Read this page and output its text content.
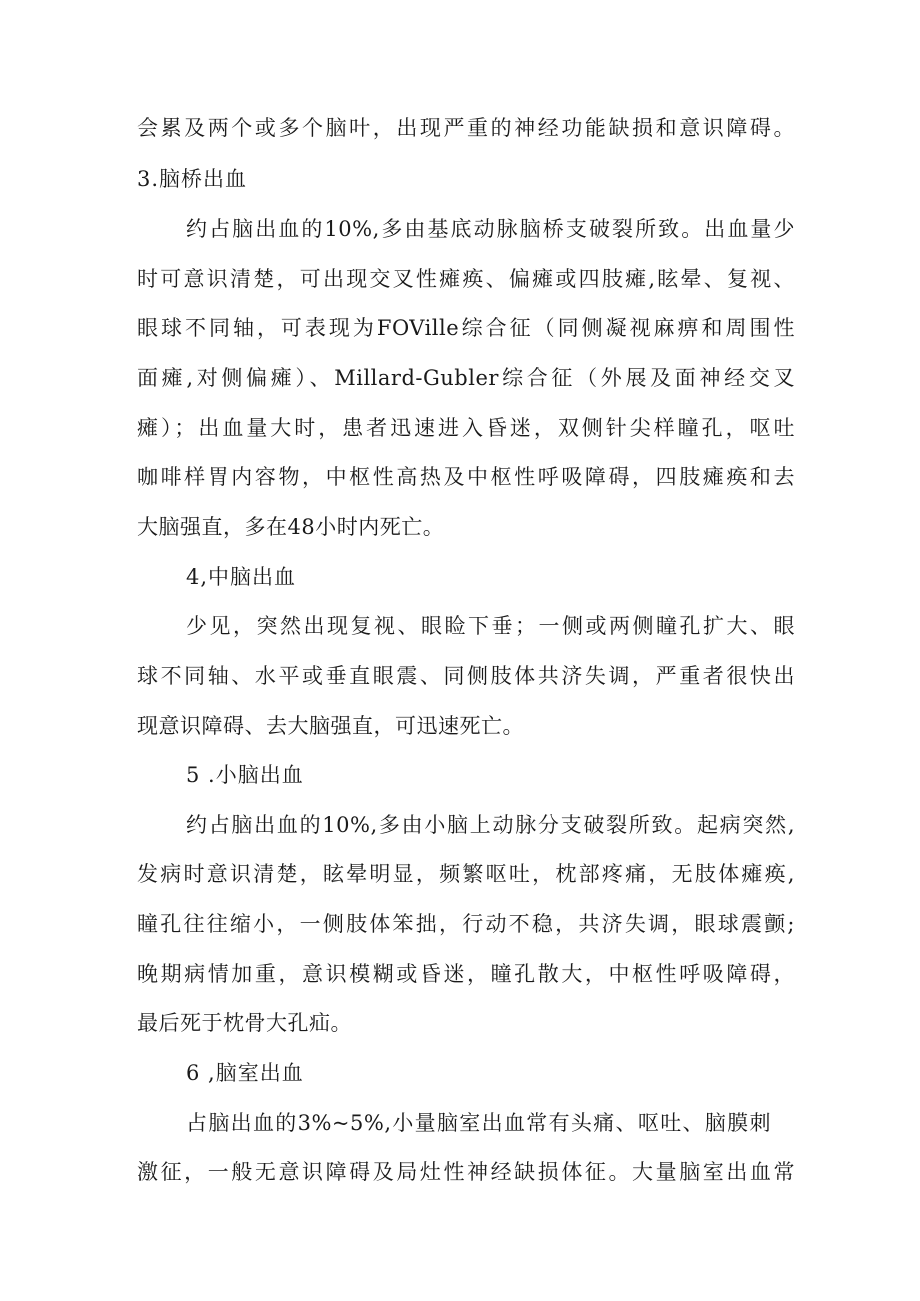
会累及两个或多个脑叶，出现严重的神经功能缺损和意识障碍。
3.脑桥出血
约占脑出血的10%,多由基底动脉脑桥支破裂所致。出血量少
时可意识清楚，可出现交叉性瘫痪、偏瘫或四肢瘫,眩晕、复视、
眼球不同轴，可表现为FOVille综合征（同侧凝视麻痹和周围性
面瘫,对侧偏瘫）、Millard-Gubler综合征（外展及面神经交叉
瘫）；出血量大时，患者迅速进入昏迷，双侧针尖样瞳孔，呕吐
咖啡样胃内容物，中枢性高热及中枢性呼吸障碍，四肢瘫痪和去
大脑强直，多在48小时内死亡。
4,中脑出血
少见，突然出现复视、眼睑下垂；一侧或两侧瞳孔扩大、眼
球不同轴、水平或垂直眼震、同侧肢体共济失调，严重者很快出
现意识障碍、去大脑强直，可迅速死亡。
5 .小脑出血
约占脑出血的10%,多由小脑上动脉分支破裂所致。起病突然,
发病时意识清楚，眩晕明显，频繁呕吐，枕部疼痛，无肢体瘫痪,
瞳孔往往缩小，一侧肢体笨拙，行动不稳，共济失调，眼球震颤;
晚期病情加重，意识模糊或昏迷，瞳孔散大，中枢性呼吸障碍，
最后死于枕骨大孔疝。
6 ,脑室出血
占脑出血的3%~5%,小量脑室出血常有头痛、呕吐、脑膜刺
激征，一般无意识障碍及局灶性神经缺损体征。大量脑室出血常
